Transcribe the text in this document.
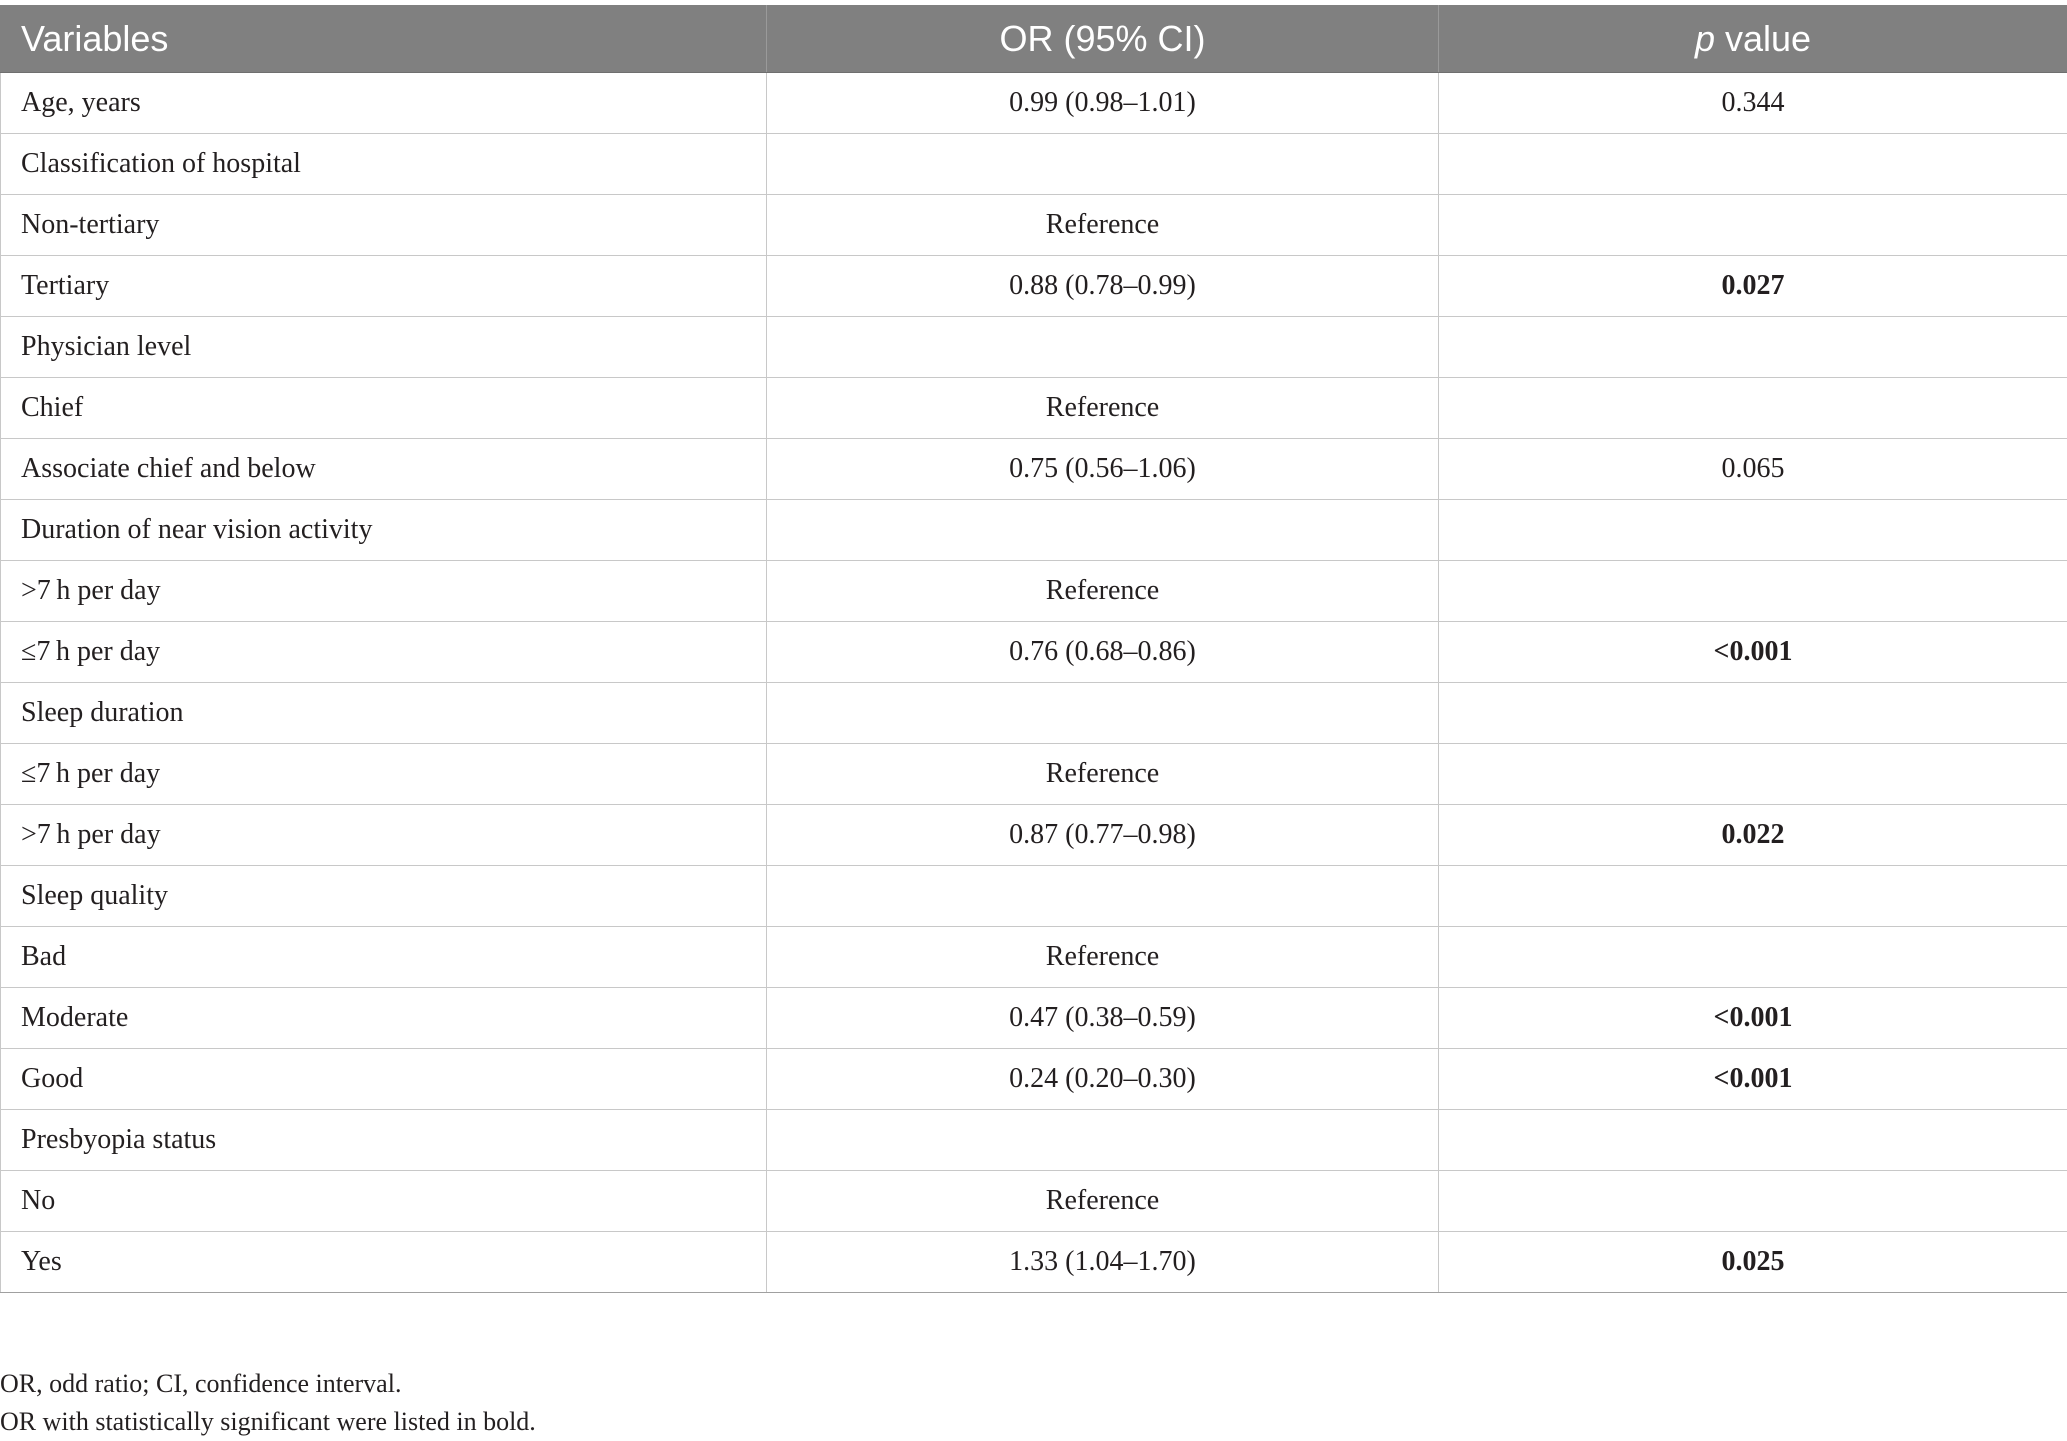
Variables	OR (95% CI)	p value
Age, years	0.99 (0.98–1.01)	0.344
Classification of hospital		
Non-tertiary	Reference	
Tertiary	0.88 (0.78–0.99)	0.027
Physician level		
Chief	Reference	
Associate chief and below	0.75 (0.56–1.06)	0.065
Duration of near vision activity		
>7 h per day	Reference	
≤7 h per day	0.76 (0.68–0.86)	<0.001
Sleep duration		
≤7 h per day	Reference	
>7 h per day	0.87 (0.77–0.98)	0.022
Sleep quality		
Bad	Reference	
Moderate	0.47 (0.38–0.59)	<0.001
Good	0.24 (0.20–0.30)	<0.001
Presbyopia status		
No	Reference	
Yes	1.33 (1.04–1.70)	0.025

OR, odd ratio; CI, confidence interval.

OR with statistically significant were listed in bold.
